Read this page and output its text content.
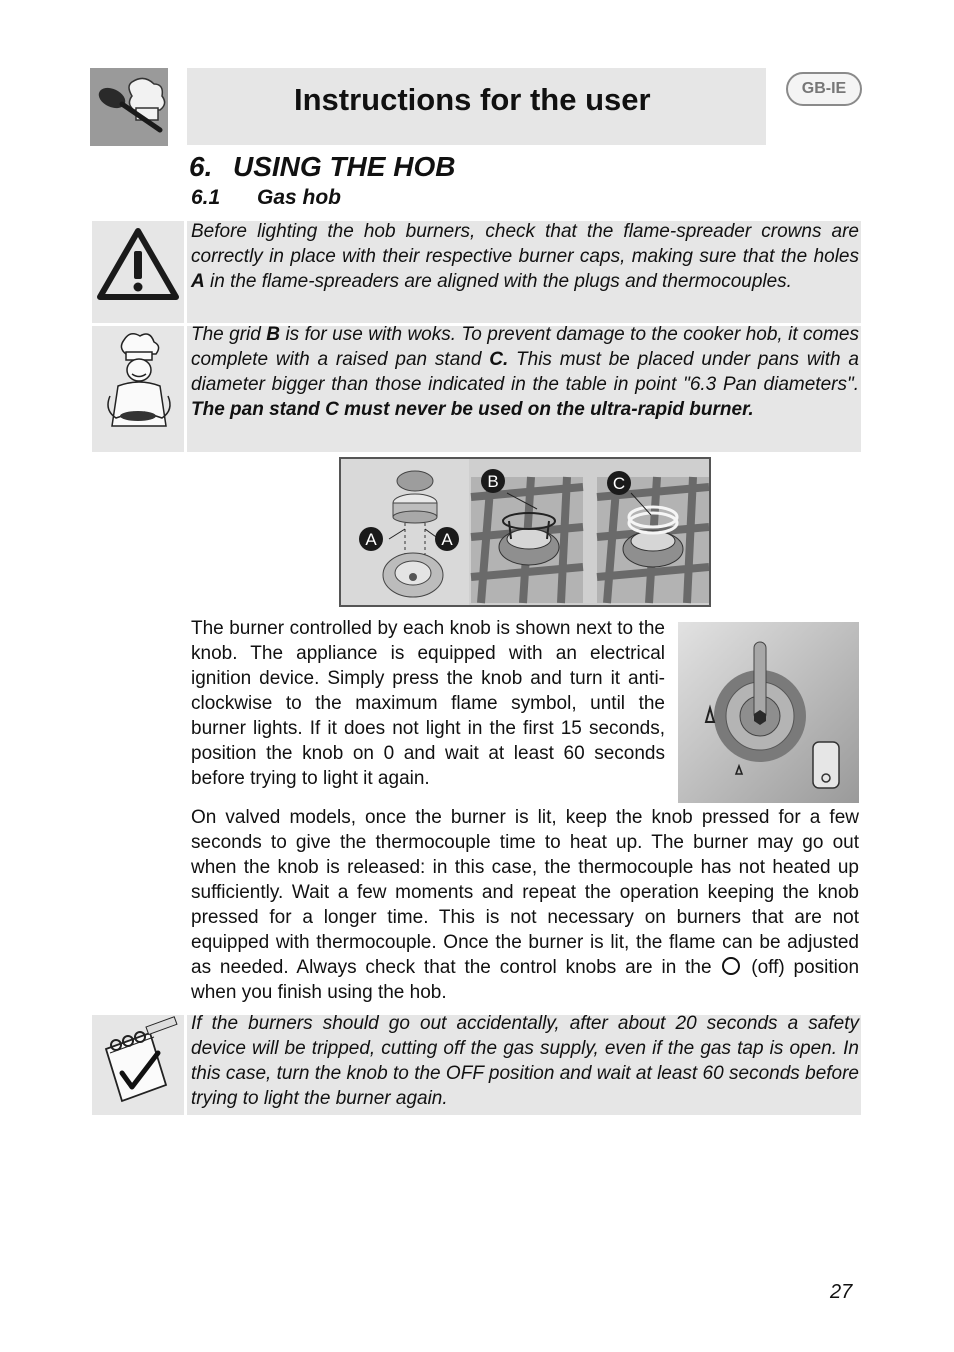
Instructions for the user	GB-IE
6. USING THE HOB
6.1 Gas hob

Before lighting the hob burners, check that the flame-spreader crowns are correctly in place with their respective burner caps, making sure that the holes A in the flame-spreaders are aligned with the plugs and thermocouples.

The grid B is for use with woks. To prevent damage to the cooker hob, it comes complete with a raised pan stand C. This must be placed under pans with a diameter bigger than those indicated in the table in point "6.3 Pan diameters". The pan stand C must never be used on the ultra-rapid burner.

A	A
B	C

The burner controlled by each knob is shown next to the knob. The appliance is equipped with an electrical ignition device. Simply press the knob and turn it anti-clockwise to the maximum flame symbol, until the burner lights. If it does not light in the first 15 seconds, position the knob on 0 and wait at least 60 seconds before trying to light it again.

On valved models, once the burner is lit, keep the knob pressed for a few seconds to give the thermocouple time to heat up. The burner may go out when the knob is released: in this case, the thermocouple has not heated up sufficiently. Wait a few moments and repeat the operation keeping the knob pressed for a longer time. This is not necessary on burners that are not equipped with thermocouple. Once the burner is lit, the flame can be adjusted as needed. Always check that the control knobs are in the (off) position when you finish using the hob.

If the burners should go out accidentally, after about 20 seconds a safety device will be tripped, cutting off the gas supply, even if the gas tap is open. In this case, turn the knob to the OFF position and wait at least 60 seconds before trying to light the burner again.

27
